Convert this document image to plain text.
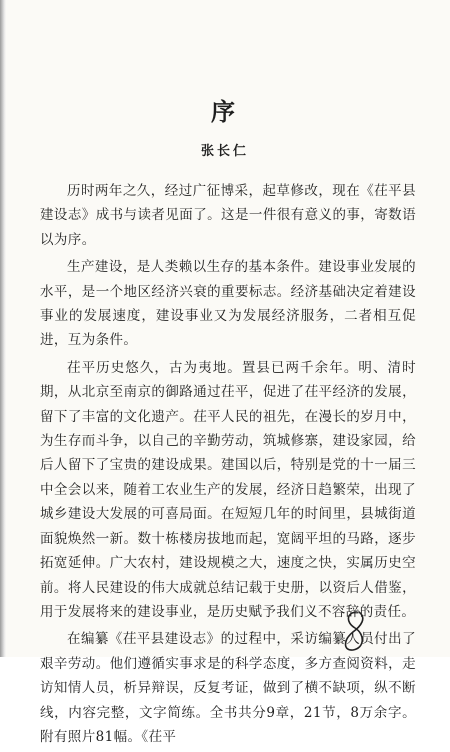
序
张长仁

历时两年之久，经过广征博采，起草修改，现在《茌平县建设志》成书与读者见面了。这是一件很有意义的事，寄数语以为序。

生产建设，是人类赖以生存的基本条件。建设事业发展的水平，是一个地区经济兴衰的重要标志。经济基础决定着建设事业的发展速度，建设事业又为发展经济服务，二者相互促进，互为条件。

茌平历史悠久，古为夷地。置县已两千余年。明、清时期，从北京至南京的御路通过茌平，促进了茌平经济的发展，留下了丰富的文化遗产。茌平人民的祖先，在漫长的岁月中，为生存而斗争，以自己的辛勤劳动，筑城修寨，建设家园，给后人留下了宝贵的建设成果。建国以后，特别是党的十一届三中全会以来，随着工农业生产的发展，经济日趋繁荣，出现了城乡建设大发展的可喜局面。在短短几年的时间里，县城街道面貌焕然一新。数十栋楼房拔地而起，宽阔平坦的马路，逐步拓宽延伸。广大农村，建设规模之大，速度之快，实属历史空前。将人民建设的伟大成就总结记载于史册，以资后人借鉴，用于发展将来的建设事业，是历史赋予我们义不容辞的责任。

在编纂《茌平县建设志》的过程中，采访编纂人员付出了艰辛劳动。他们遵循实事求是的科学态度，多方查阅资料，走访知情人员，析异辩误，反复考证，做到了横不缺项，纵不断线，内容完整，文字简练。全书共分9章，21节，8万余字。附有照片81幅。《茌平
